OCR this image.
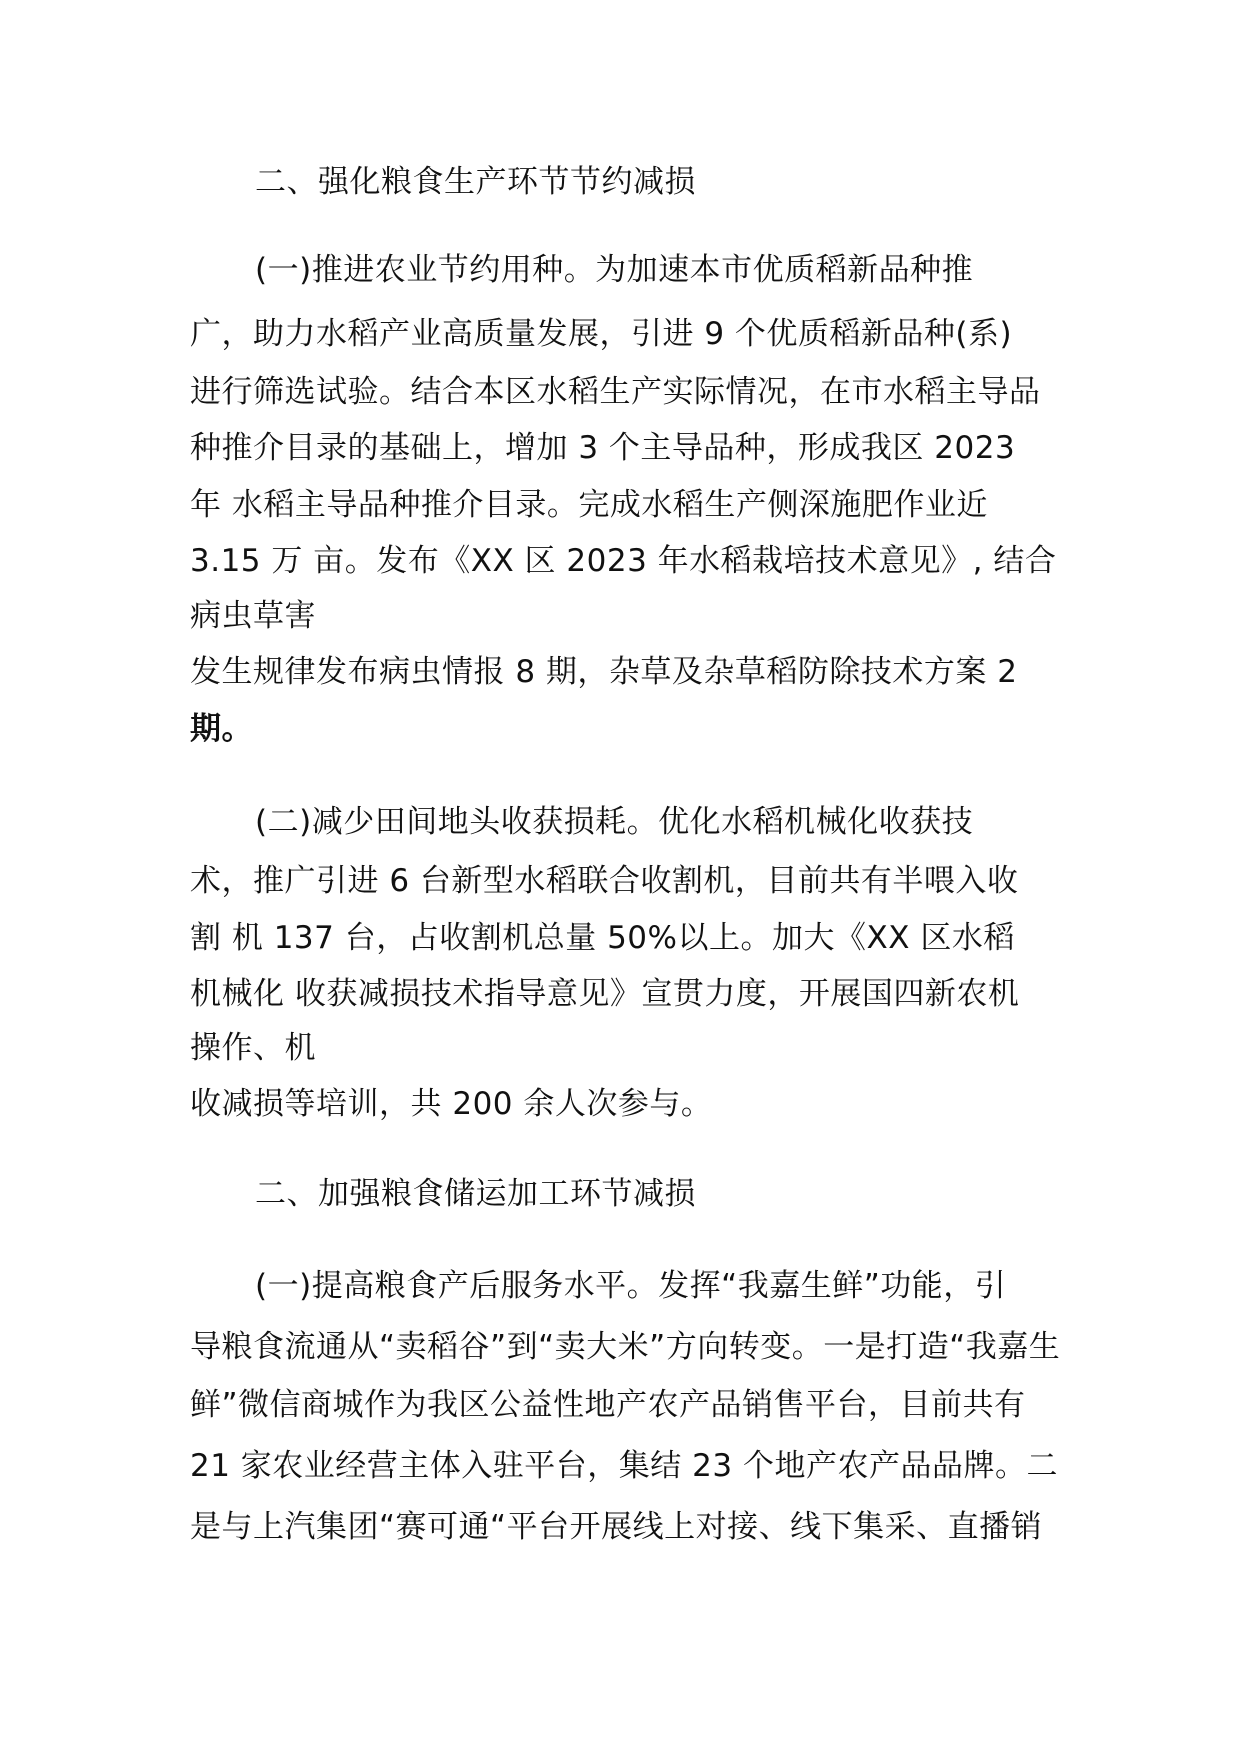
二、强化粮食生产环节节约减损
(一)推进农业节约用种。为加速本市优质稻新品种推
广，助力水稻产业高质量发展，引进 9 个优质稻新品种(系)
进行筛选试验。结合本区水稻生产实际情况，在市水稻主导品
种推介目录的基础上，增加 3 个主导品种，形成我区 2023
年 水稻主导品种推介目录。完成水稻生产侧深施肥作业近
3.15 万 亩。发布《XX 区 2023 年水稻栽培技术意见》, 结合
病虫草害
发生规律发布病虫情报 8 期，杂草及杂草稻防除技术方案 2
期。
(二)减少田间地头收获损耗。优化水稻机械化收获技
术，推广引进 6 台新型水稻联合收割机，目前共有半喂入收
割 机 137 台，占收割机总量 50%以上。加大《XX 区水稻
机械化 收获减损技术指导意见》宣贯力度，开展国四新农机
操作、机
收减损等培训，共 200 余人次参与。
二、加强粮食储运加工环节减损
(一)提高粮食产后服务水平。发挥“我嘉生鲜”功能，引
导粮食流通从“卖稻谷”到“卖大米”方向转变。一是打造“我嘉生
鲜”微信商城作为我区公益性地产农产品销售平台，目前共有
21 家农业经营主体入驻平台，集结 23 个地产农产品品牌。二
是与上汽集团“赛可通“平台开展线上对接、线下集采、直播销
